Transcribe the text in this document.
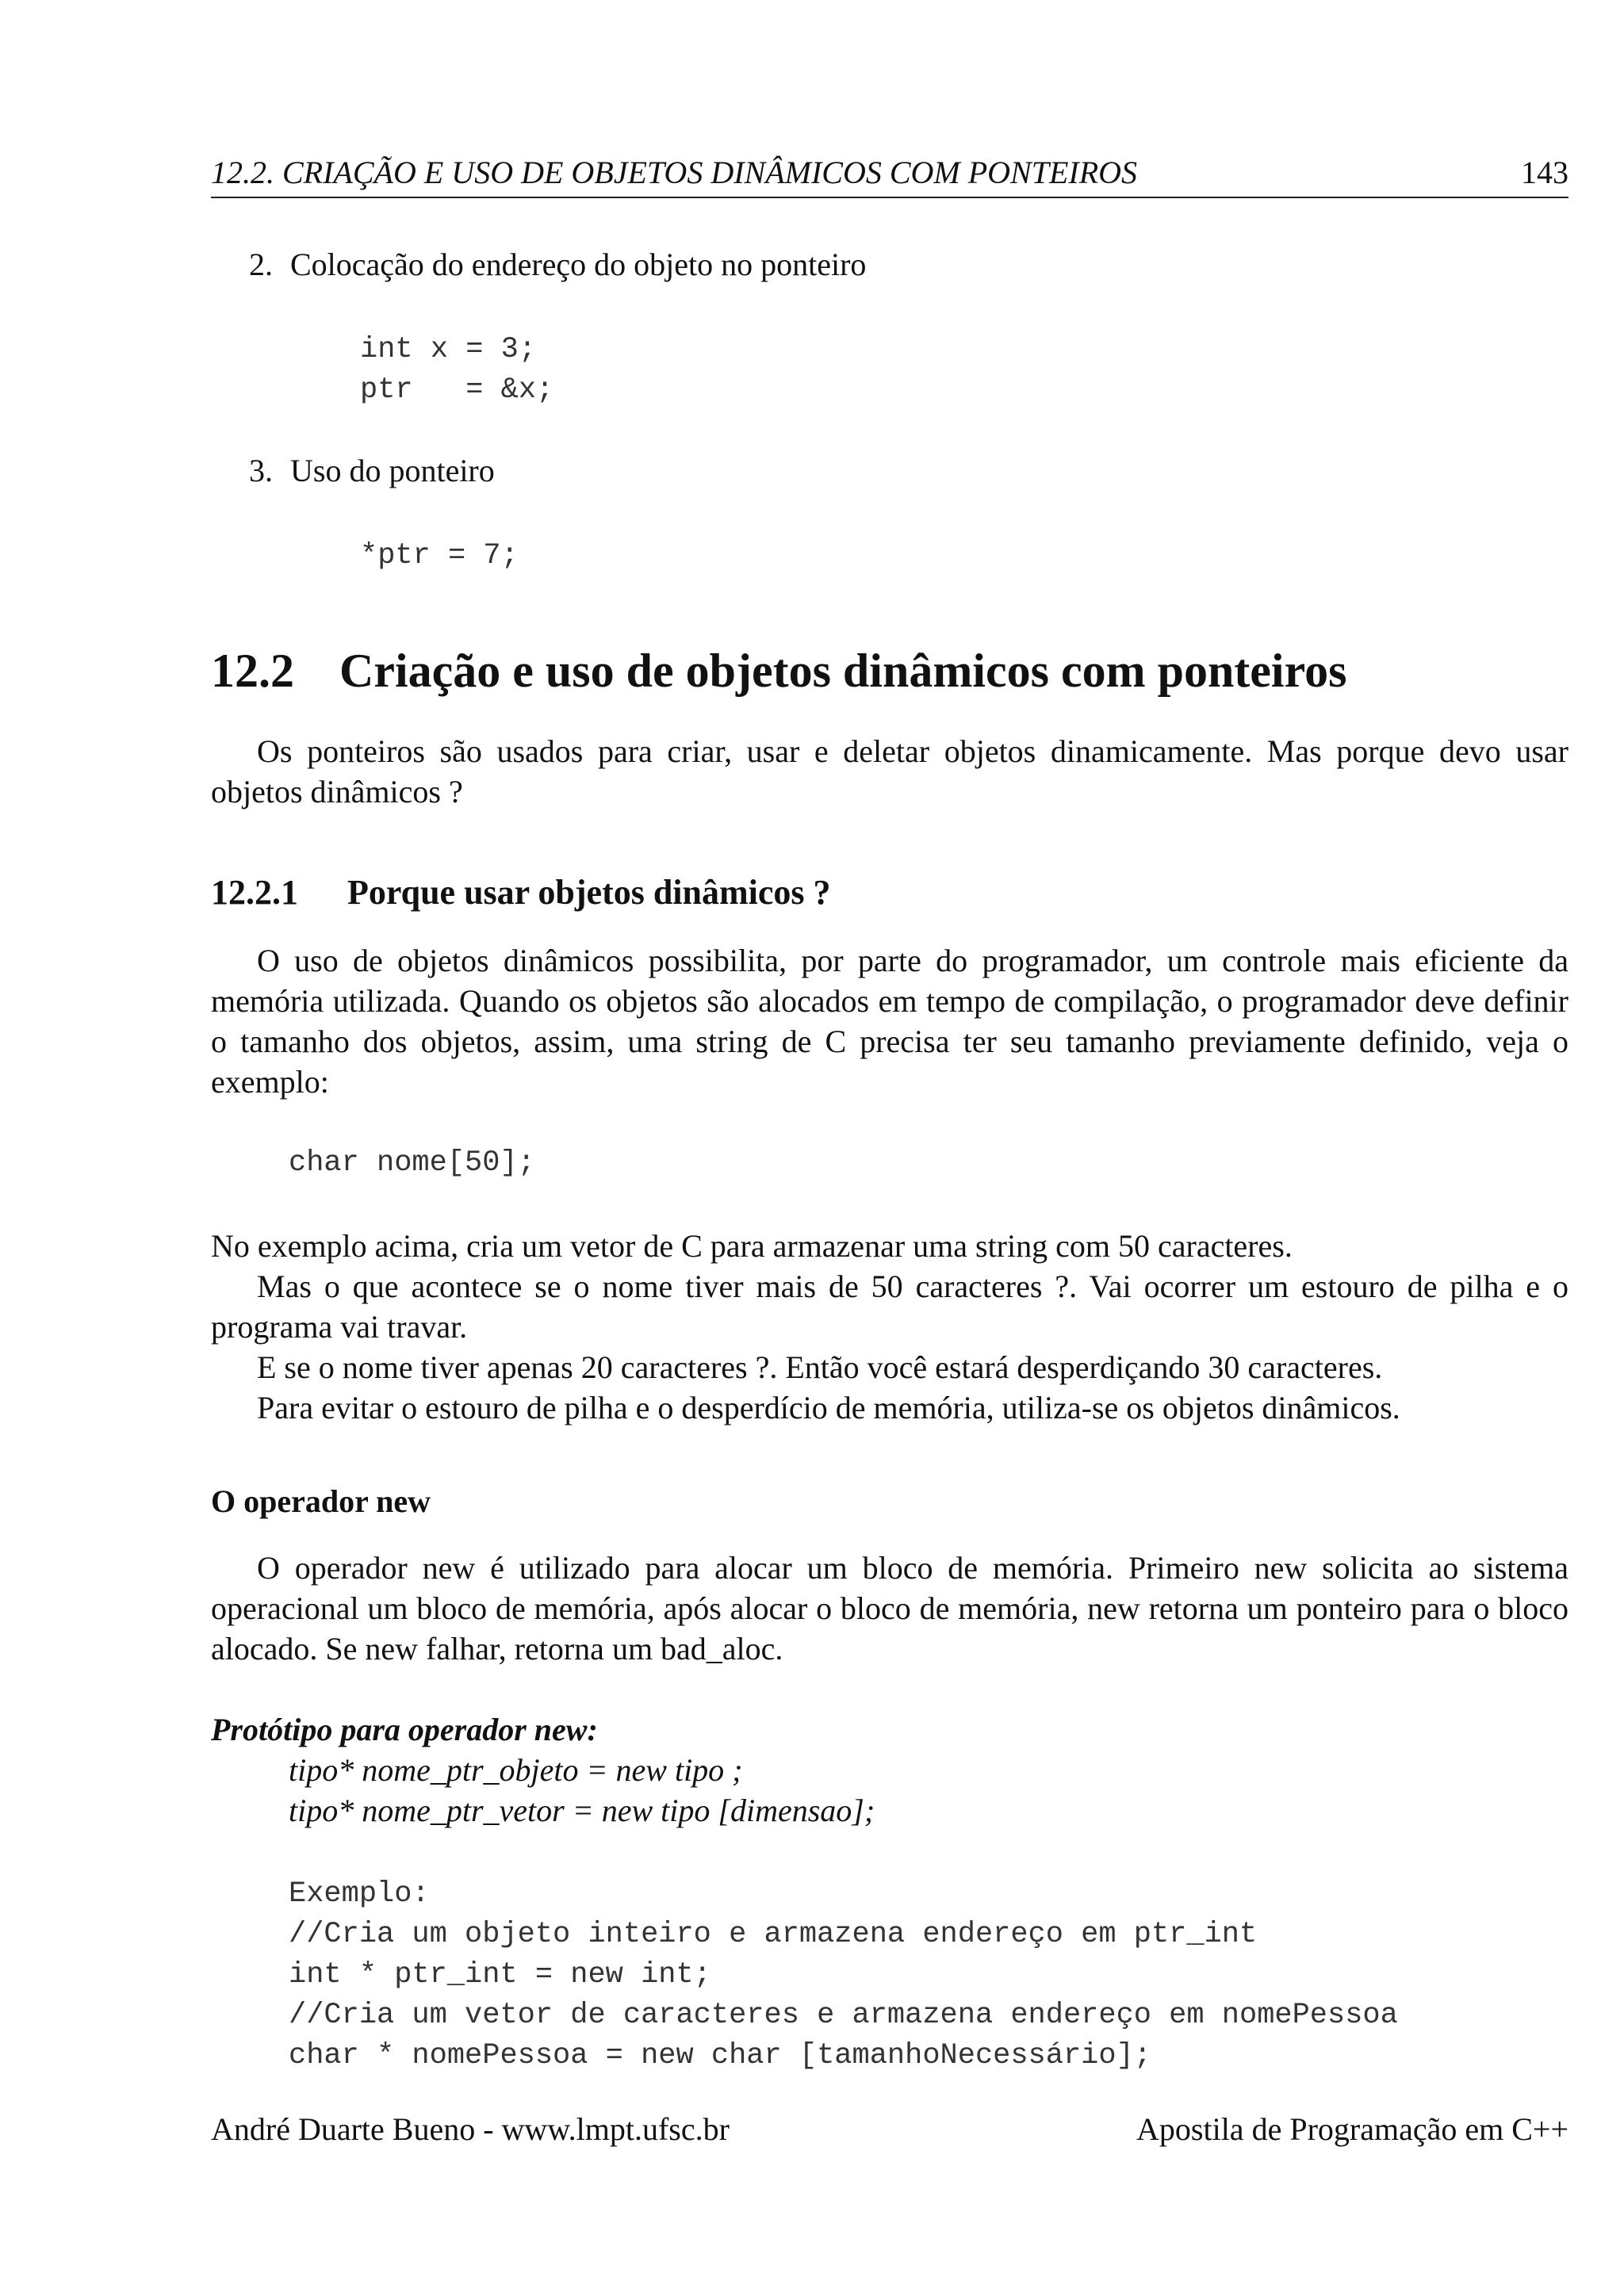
12.2. CRIAÇÃO E USO DE OBJETOS DINÂMICOS COM PONTEIROS	143
2. Colocação do endereço do objeto no ponteiro
int x = 3;
ptr   = &x;
3. Uso do ponteiro
*ptr = 7;
12.2 Criação e uso de objetos dinâmicos com ponteiros

Os ponteiros são usados para criar, usar e deletar objetos dinamicamente. Mas porque devo usar objetos dinâmicos ?

12.2.1 Porque usar objetos dinâmicos ?

O uso de objetos dinâmicos possibilita, por parte do programador, um controle mais eficiente da memória utilizada. Quando os objetos são alocados em tempo de compilação, o programador deve definir o tamanho dos objetos, assim, uma string de C precisa ter seu tamanho previamente definido, veja o exemplo:

char nome[50];

No exemplo acima, cria um vetor de C para armazenar uma string com 50 caracteres.

Mas o que acontece se o nome tiver mais de 50 caracteres ?. Vai ocorrer um estouro de pilha e o programa vai travar.

E se o nome tiver apenas 20 caracteres ?. Então você estará desperdiçando 30 caracteres.

Para evitar o estouro de pilha e o desperdício de memória, utiliza-se os objetos dinâmicos.

O operador new

O operador new é utilizado para alocar um bloco de memória. Primeiro new solicita ao sistema operacional um bloco de memória, após alocar o bloco de memória, new retorna um ponteiro para o bloco alocado. Se new falhar, retorna um bad_aloc.

Protótipo para operador new:
tipo* nome_ptr_objeto = new tipo ;
tipo* nome_ptr_vetor = new tipo [dimensao];
Exemplo:
//Cria um objeto inteiro e armazena endereço em ptr_int
int * ptr_int = new int;
//Cria um vetor de caracteres e armazena endereço em nomePessoa
char * nomePessoa = new char [tamanhoNecessário];
André Duarte Bueno - www.lmpt.ufsc.br	Apostila de Programação em C++
